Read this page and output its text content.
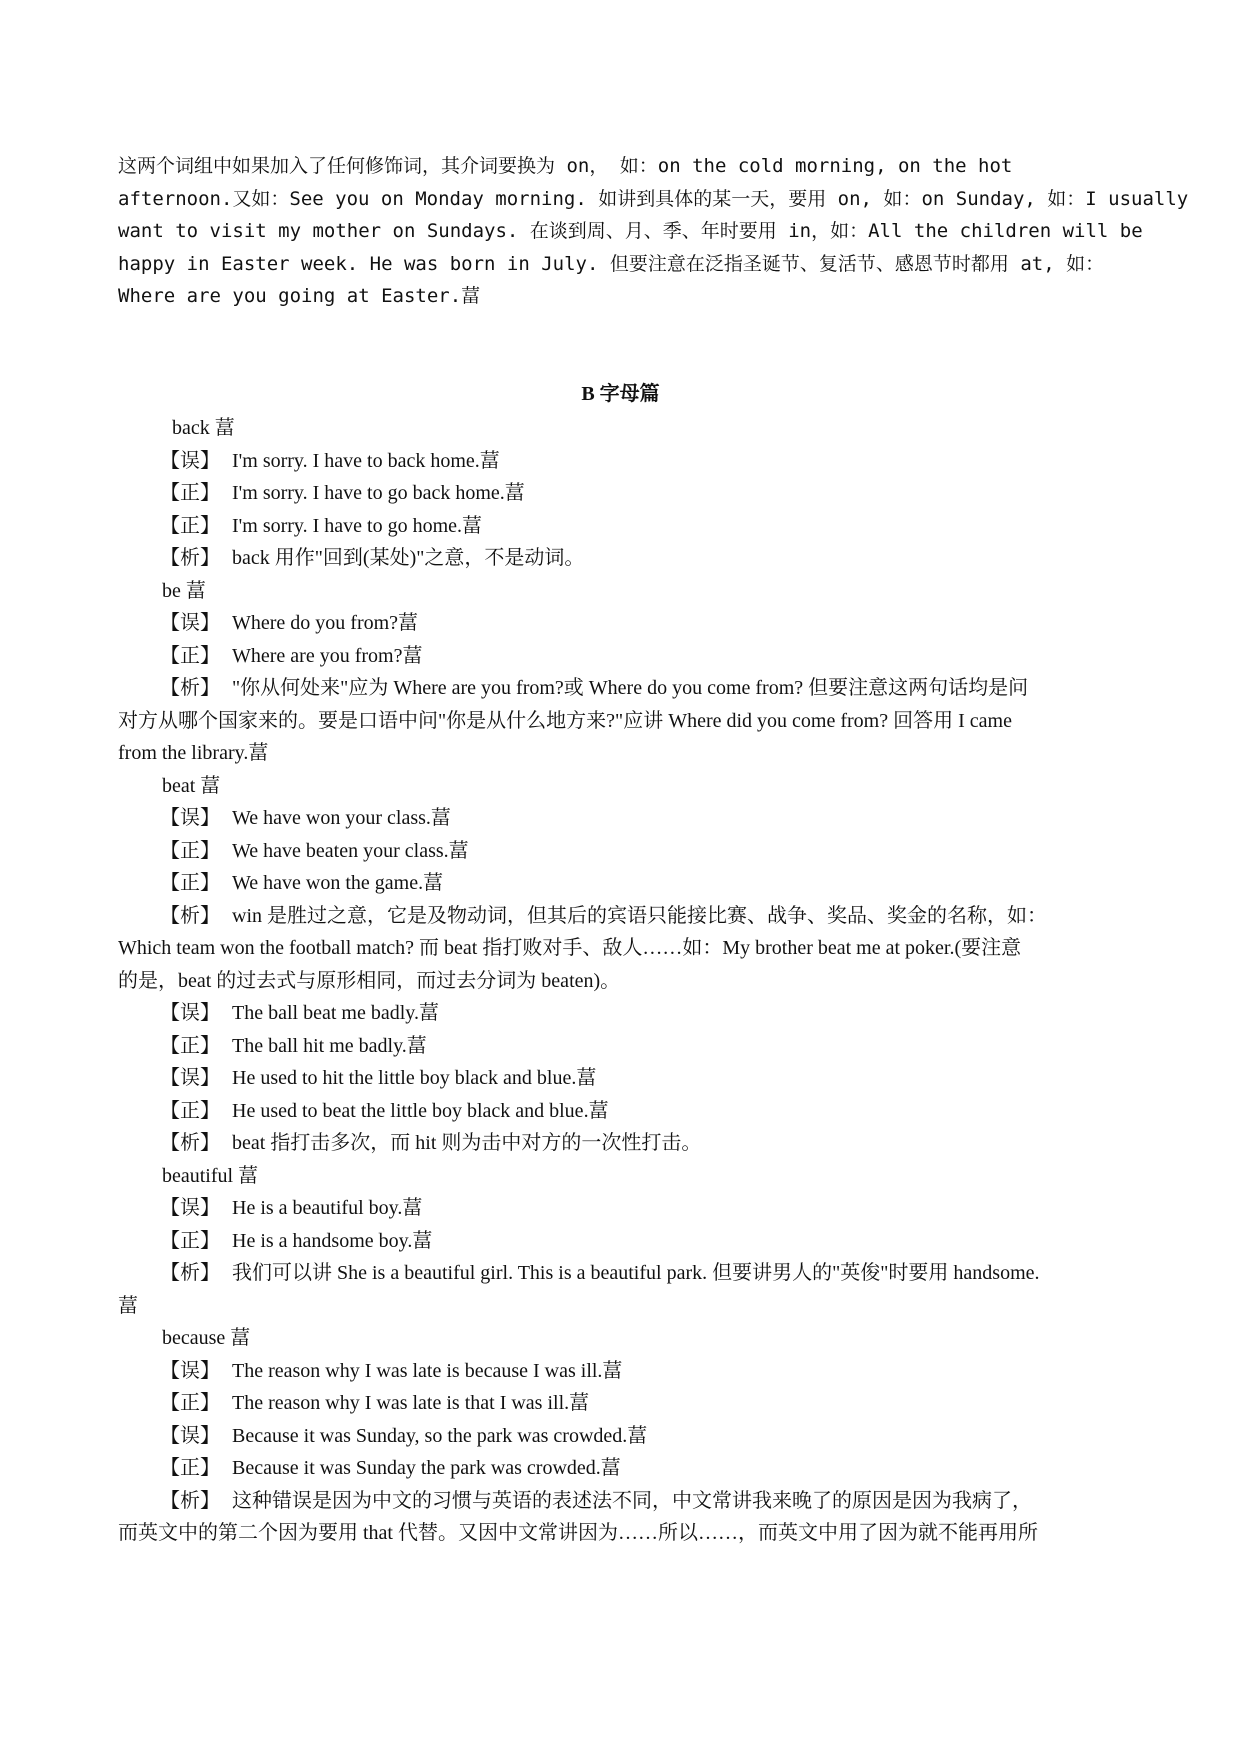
这两个词组中如果加入了任何修饰词，其介词要换为 on， 如：on the cold morning, on the hot
afternoon.又如：See you on Monday morning. 如讲到具体的某一天，要用 on, 如：on Sunday, 如：I usually
want to visit my mother on Sundays. 在谈到周、月、季、年时要用 in，如：All the children will be
happy in Easter week. He was born in July. 但要注意在泛指圣诞节、复活节、感恩节时都用 at, 如：
Where are you going at Easter.葍
B 字母篇
back 葍
【误】 I'm sorry. I have to back home.葍
【正】 I'm sorry. I have to go back home.葍
【正】 I'm sorry. I have to go home.葍
【析】 back 用作"回到(某处)"之意，不是动词。
be 葍
【误】 Where do you from?葍
【正】 Where are you from?葍
【析】 "你从何处来"应为 Where are you from?或 Where do you come from? 但要注意这两句话均是问
对方从哪个国家来的。要是口语中问"你是从什么地方来?"应讲 Where did you come from? 回答用 I came
from the library.葍
beat 葍
【误】 We have won your class.葍
【正】 We have beaten your class.葍
【正】 We have won the game.葍
【析】 win 是胜过之意，它是及物动词，但其后的宾语只能接比赛、战争、奖品、奖金的名称，如：
Which team won the football match? 而 beat 指打败对手、敌人……如：My brother beat me at poker.(要注意
的是，beat 的过去式与原形相同，而过去分词为 beaten)。
【误】 The ball beat me badly.葍
【正】 The ball hit me badly.葍
【误】 He used to hit the little boy black and blue.葍
【正】 He used to beat the little boy black and blue.葍
【析】 beat 指打击多次，而 hit 则为击中对方的一次性打击。
beautiful 葍
【误】 He is a beautiful boy.葍
【正】 He is a handsome boy.葍
【析】 我们可以讲 She is a beautiful girl. This is a beautiful park. 但要讲男人的"英俊"时要用 handsome.
葍
because 葍
【误】 The reason why I was late is because I was ill.葍
【正】 The reason why I was late is that I was ill.葍
【误】 Because it was Sunday, so the park was crowded.葍
【正】 Because it was Sunday the park was crowded.葍
【析】 这种错误是因为中文的习惯与英语的表述法不同，中文常讲我来晚了的原因是因为我病了，
而英文中的第二个因为要用 that 代替。又因中文常讲因为……所以……，而英文中用了因为就不能再用所
